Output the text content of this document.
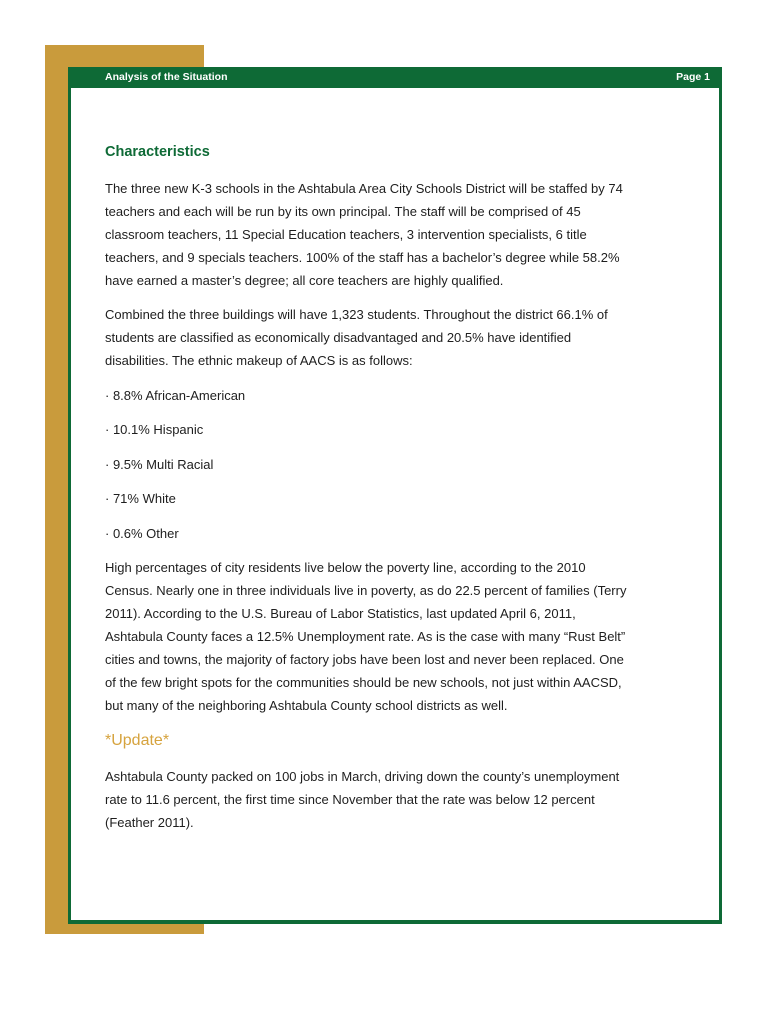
Analysis of the Situation	Page 1
Characteristics

The three new K-3 schools in the Ashtabula Area City Schools District will be staffed by 74
teachers and each will be run by its own principal. The staff will be comprised of 45
classroom teachers, 11 Special Education teachers, 3 intervention specialists, 6 title
teachers, and 9 specials teachers. 100% of the staff has a bachelor’s degree while 58.2%
have earned a master’s degree; all core teachers are highly qualified.

Combined the three buildings will have 1,323 students. Throughout the district 66.1% of
students are classified as economically disadvantaged and 20.5% have identified
disabilities. The ethnic makeup of AACS is as follows:

· 8.8% African-American

· 10.1% Hispanic

· 9.5% Multi Racial

· 71% White

· 0.6% Other

High percentages of city residents live below the poverty line, according to the 2010
Census. Nearly one in three individuals live in poverty, as do 22.5 percent of families (Terry
2011). According to the U.S. Bureau of Labor Statistics, last updated April 6, 2011,
Ashtabula County faces a 12.5% Unemployment rate. As is the case with many “Rust Belt”
cities and towns, the majority of factory jobs have been lost and never been replaced. One
of the few bright spots for the communities should be new schools, not just within AACSD,
but many of the neighboring Ashtabula County school districts as well.

*Update*

Ashtabula County packed on 100 jobs in March, driving down the county’s unemployment
rate to 11.6 percent, the first time since November that the rate was below 12 percent
(Feather 2011).
